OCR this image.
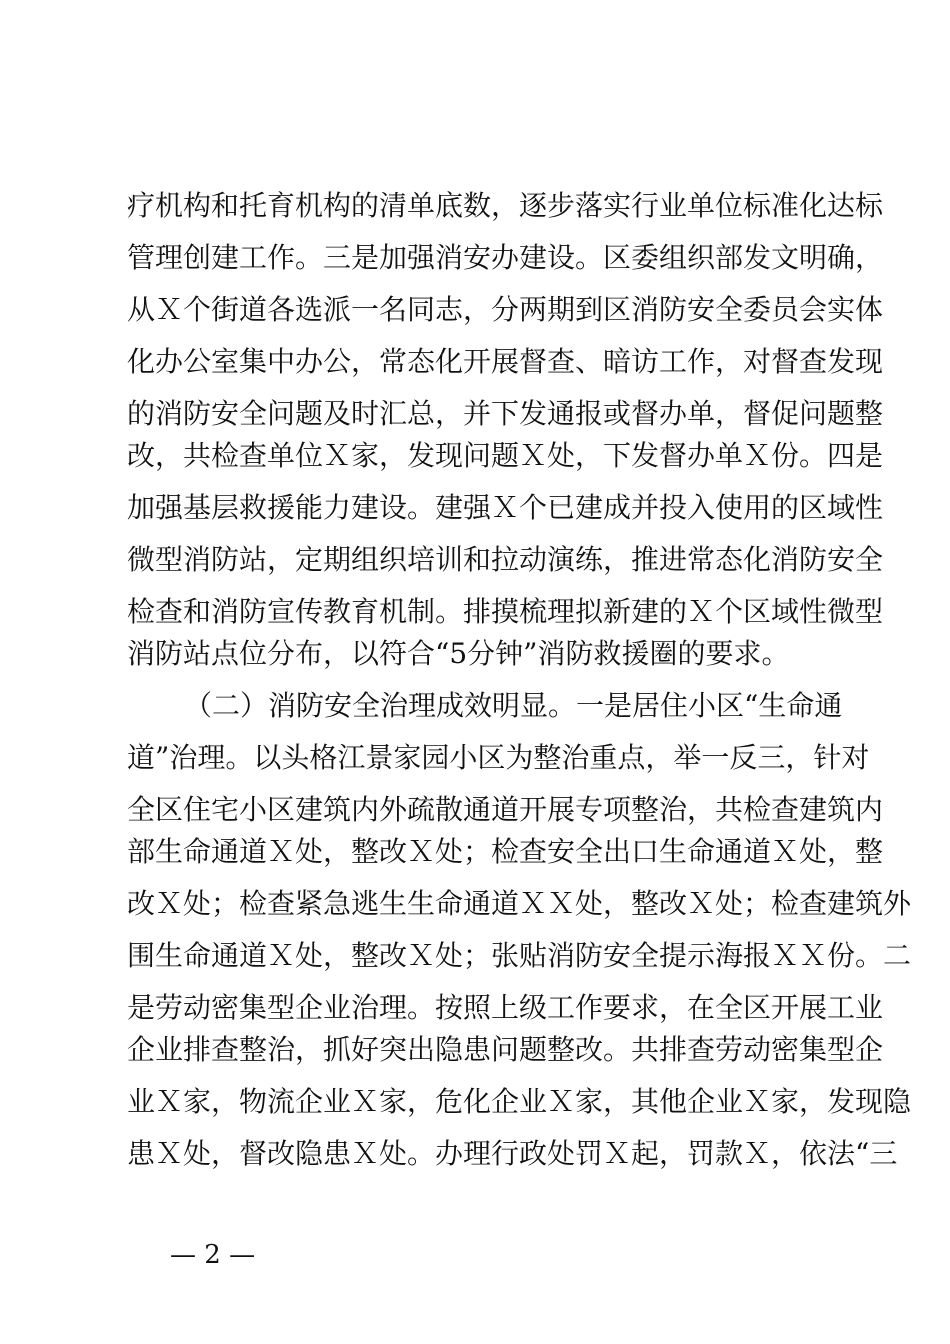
疗机构和托育机构的清单底数，逐步落实行业单位标准化达标
管理创建工作。三是加强消安办建设。区委组织部发文明确，
从Ｘ个街道各选派一名同志，分两期到区消防安全委员会实体
化办公室集中办公，常态化开展督查、暗访工作，对督查发现
的消防安全问题及时汇总，并下发通报或督办单，督促问题整
改，共检查单位Ｘ家，发现问题Ｘ处，下发督办单Ｘ份。四是
加强基层救援能力建设。建强Ｘ个已建成并投入使用的区域性
微型消防站，定期组织培训和拉动演练，推进常态化消防安全
检查和消防宣传教育机制。排摸梳理拟新建的Ｘ个区域性微型
消防站点位分布，以符合“5分钟”消防救援圈的要求。
（二）消防安全治理成效明显。一是居住小区“生命通
道”治理。以头格江景家园小区为整治重点，举一反三，针对
全区住宅小区建筑内外疏散通道开展专项整治，共检查建筑内
部生命通道Ｘ处，整改Ｘ处；检查安全出口生命通道Ｘ处，整
改Ｘ处；检查紧急逃生生命通道ＸＸ处，整改Ｘ处；检查建筑外
围生命通道Ｘ处，整改Ｘ处；张贴消防安全提示海报ＸＸ份。二
是劳动密集型企业治理。按照上级工作要求，在全区开展工业
企业排查整治，抓好突出隐患问题整改。共排查劳动密集型企
业Ｘ家，物流企业Ｘ家，危化企业Ｘ家，其他企业Ｘ家，发现隐
患Ｘ处，督改隐患Ｘ处。办理行政处罚Ｘ起，罚款Ｘ，依法“三
— 2 —
